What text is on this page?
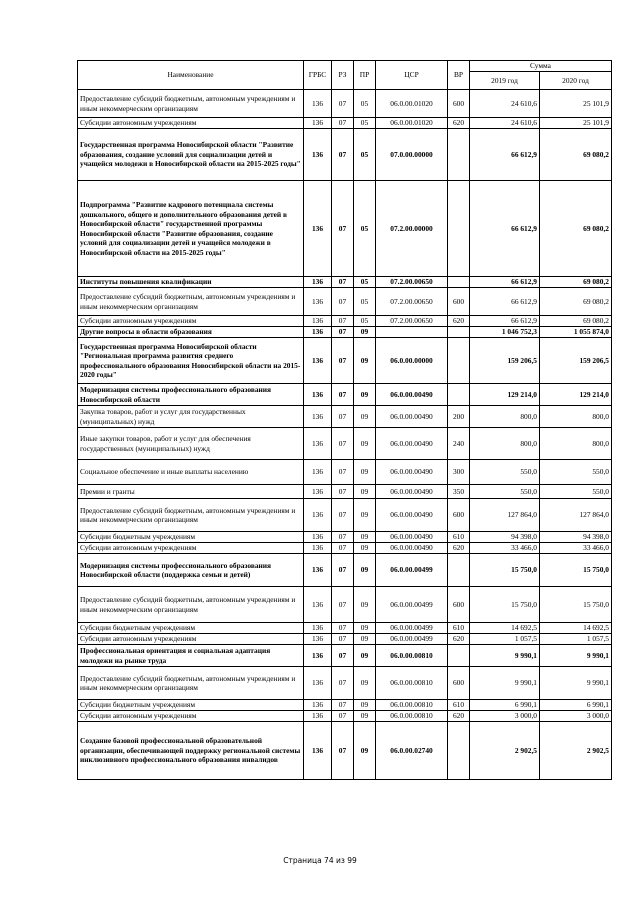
Наименование	ГРБС	РЗ	ПР	ЦСР	ВР	Сумма	
						2019 год	2020 год
Предоставление субсидий бюджетным, автономным учреждениям и иным некоммерческим организациям	136	07	05	06.0.00.01020	600	24 610,6	25 101,9
Субсидии автономным учреждениям	136	07	05	06.0.00.01020	620	24 610,6	25 101,9
Государственная программа Новосибирской области "Развитие образования, создание условий для социализации детей и учащейся молодежи в Новосибирской области на 2015-2025 годы"	136	07	05	07.0.00.00000		66 612,9	69 080,2
Подпрограмма "Развитие кадрового потенциала системы дошкольного, общего и дополнительного образования детей в Новосибирской области" государственной программы Новосибирской области "Развитие образования, создание условий для социализации детей и учащейся молодежи в Новосибирской области на 2015-2025 годы"	136	07	05	07.2.00.00000		66 612,9	69 080,2
Институты повышения квалификации	136	07	05	07.2.00.00650		66 612,9	69 080,2
Предоставление субсидий бюджетным, автономным учреждениям и иным некоммерческим организациям	136	07	05	07.2.00.00650	600	66 612,9	69 080,2
Субсидии автономным учреждениям	136	07	05	07.2.00.00650	620	66 612,9	69 080,2
Другие вопросы в области образования	136	07	09			1 046 752,3	1 055 874,0
Государственная программа Новосибирской области "Региональная программа развития среднего профессионального образования Новосибирской области на 2015-2020 годы"	136	07	09	06.0.00.00000		159 206,5	159 206,5
Модернизация системы профессионального образования Новосибирской области	136	07	09	06.0.00.00490		129 214,0	129 214,0
Закупка товаров, работ и услуг для государственных (муниципальных) нужд	136	07	09	06.0.00.00490	200	800,0	800,0
Иные закупки товаров, работ и услуг для обеспечения государственных (муниципальных) нужд	136	07	09	06.0.00.00490	240	800,0	800,0
Социальное обеспечение и иные выплаты населению	136	07	09	06.0.00.00490	300	550,0	550,0
Премии и гранты	136	07	09	06.0.00.00490	350	550,0	550,0
Предоставление субсидий бюджетным, автономным учреждениям и иным некоммерческим организациям	136	07	09	06.0.00.00490	600	127 864,0	127 864,0
Субсидии бюджетным учреждениям	136	07	09	06.0.00.00490	610	94 398,0	94 398,0
Субсидии автономным учреждениям	136	07	09	06.0.00.00490	620	33 466,0	33 466,0
Модернизация системы профессионального образования Новосибирской области (поддержка семьи и детей)	136	07	09	06.0.00.00499		15 750,0	15 750,0
Предоставление субсидий бюджетным, автономным учреждениям и иным некоммерческим организациям	136	07	09	06.0.00.00499	600	15 750,0	15 750,0
Субсидии бюджетным учреждениям	136	07	09	06.0.00.00499	610	14 692,5	14 692,5
Субсидии автономным учреждениям	136	07	09	06.0.00.00499	620	1 057,5	1 057,5
Профессиональная ориентация и социальная адаптация молодежи на рынке труда	136	07	09	06.0.00.00810		9 990,1	9 990,1
Предоставление субсидий бюджетным, автономным учреждениям и иным некоммерческим организациям	136	07	09	06.0.00.00810	600	9 990,1	9 990,1
Субсидии бюджетным учреждениям	136	07	09	06.0.00.00810	610	6 990,1	6 990,1
Субсидии автономным учреждениям	136	07	09	06.0.00.00810	620	3 000,0	3 000,0
Создание базовой профессиональной образовательной организации, обеспечивающей поддержку региональной системы инклюзивного профессионального образования инвалидов	136	07	09	06.0.00.02740		2 902,5	2 902,5
Страница 74 из 99
